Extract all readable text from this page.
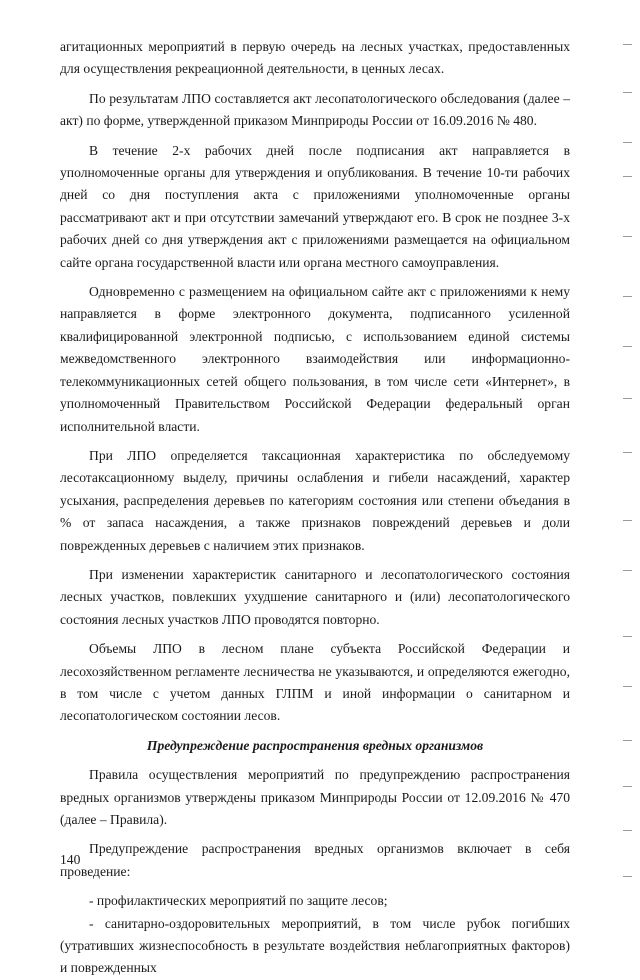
агитационных мероприятий в первую очередь на лесных участках, предоставленных для осуществления рекреационной деятельности, в ценных лесах.

По результатам ЛПО составляется акт лесопатологического обследования (далее – акт) по форме, утвержденной приказом Минприроды России от 16.09.2016 № 480.

В течение 2-х рабочих дней после подписания акт направляется в уполномоченные органы для утверждения и опубликования. В течение 10-ти рабочих дней со дня поступления акта с приложениями уполномоченные органы рассматривают акт и при отсутствии замечаний утверждают его. В срок не позднее 3-х рабочих дней со дня утверждения акт с приложениями размещается на официальном сайте органа государственной власти или органа местного самоуправления.

Одновременно с размещением на официальном сайте акт с приложениями к нему направляется в форме электронного документа, подписанного усиленной квалифицированной электронной подписью, с использованием единой системы межведомственного электронного взаимодействия или информационно-телекоммуникационных сетей общего пользования, в том числе сети «Интернет», в уполномоченный Правительством Российской Федерации федеральный орган исполнительной власти.

При ЛПО определяется таксационная характеристика по обследуемому лесотаксационному выделу, причины ослабления и гибели насаждений, характер усыхания, распределения деревьев по категориям состояния или степени объедания в % от запаса насаждения, а также признаков повреждений деревьев и доли поврежденных деревьев с наличием этих признаков.

При изменении характеристик санитарного и лесопатологического состояния лесных участков, повлекших ухудшение санитарного и (или) лесопатологического состояния лесных участков ЛПО проводятся повторно.

Объемы ЛПО в лесном плане субъекта Российской Федерации и лесохозяйственном регламенте лесничества не указываются, и определяются ежегодно, в том числе с учетом данных ГЛПМ и иной информации о санитарном и лесопатологическом состоянии лесов.

Предупреждение распространения вредных организмов

Правила осуществления мероприятий по предупреждению распространения вредных организмов утверждены приказом Минприроды России от 12.09.2016 № 470 (далее – Правила).

Предупреждение распространения вредных организмов включает в себя проведение:

- профилактических мероприятий по защите лесов;

- санитарно-оздоровительных мероприятий, в том числе рубок погибших (утративших жизнеспособность в результате воздействия неблагоприятных факторов) и поврежденных

140
